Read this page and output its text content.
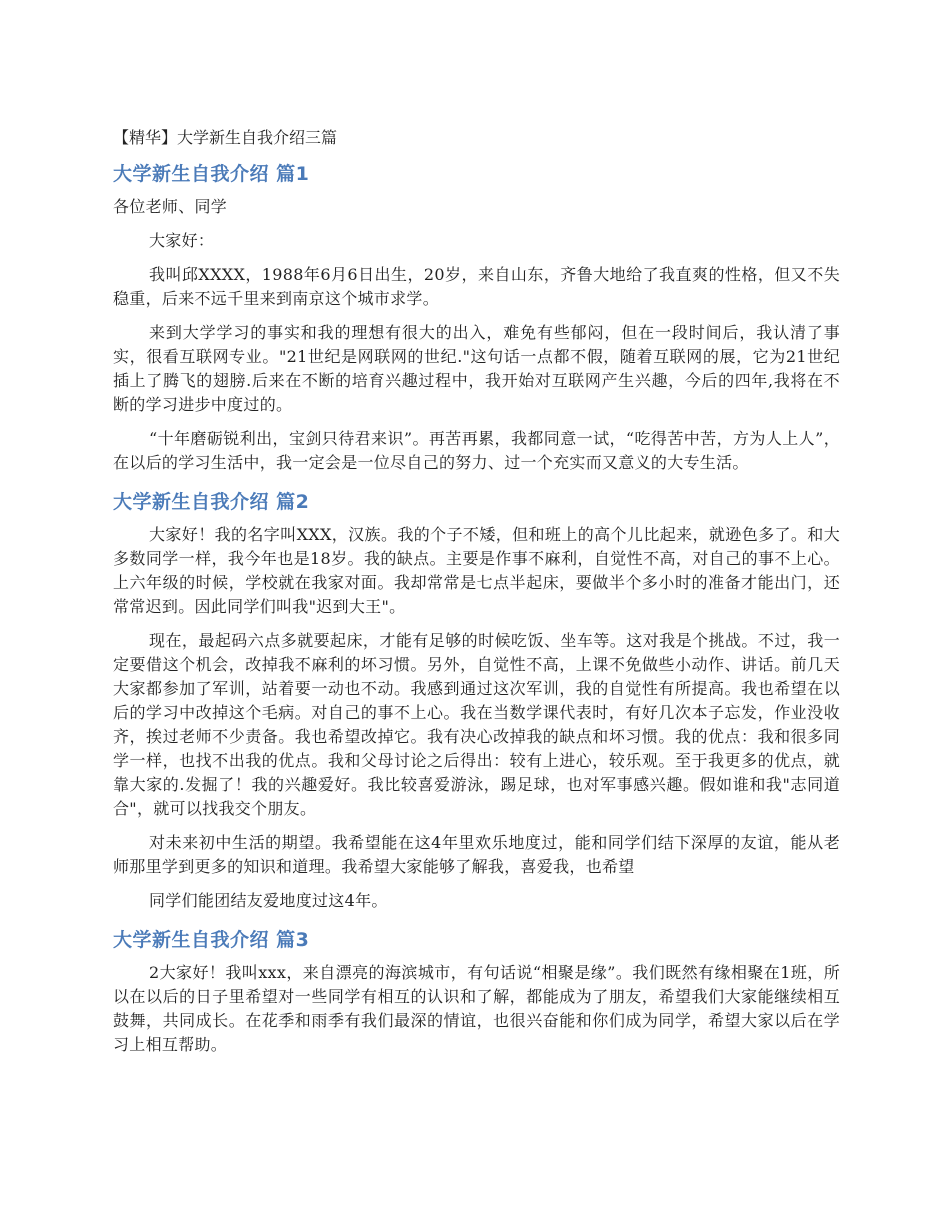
【精华】大学新生自我介绍三篇
大学新生自我介绍 篇1

各位老师、同学

大家好：

我叫邱XXXX，1988年6月6日出生，20岁，来自山东，齐鲁大地给了我直爽的性格，但又不失稳重，后来不远千里来到南京这个城市求学。

来到大学学习的事实和我的理想有很大的出入，难免有些郁闷，但在一段时间后，我认清了事实，很看互联网专业。"21世纪是网联网的世纪."这句话一点都不假，随着互联网的展，它为21世纪插上了腾飞的翅膀.后来在不断的培育兴趣过程中，我开始对互联网产生兴趣，今后的四年,我将在不断的学习进步中度过的。

“十年磨砺锐利出，宝剑只待君来识”。再苦再累，我都同意一试，“吃得苦中苦，方为人上人”，在以后的学习生活中，我一定会是一位尽自己的努力、过一个充实而又意义的大专生活。

大学新生自我介绍 篇2

大家好！我的名字叫XXX，汉族。我的个子不矮，但和班上的高个儿比起来，就逊色多了。和大多数同学一样，我今年也是18岁。我的缺点。主要是作事不麻利，自觉性不高，对自己的事不上心。上六年级的时候，学校就在我家对面。我却常常是七点半起床，要做半个多小时的准备才能出门，还常常迟到。因此同学们叫我"迟到大王"。

现在，最起码六点多就要起床，才能有足够的时候吃饭、坐车等。这对我是个挑战。不过，我一定要借这个机会，改掉我不麻利的坏习惯。另外，自觉性不高，上课不免做些小动作、讲话。前几天大家都参加了军训，站着要一动也不动。我感到通过这次军训，我的自觉性有所提高。我也希望在以后的学习中改掉这个毛病。对自己的事不上心。我在当数学课代表时，有好几次本子忘发，作业没收齐，挨过老师不少责备。我也希望改掉它。我有决心改掉我的缺点和坏习惯。我的优点：我和很多同学一样，也找不出我的优点。我和父母讨论之后得出：较有上进心，较乐观。至于我更多的优点，就靠大家的.发掘了！我的兴趣爱好。我比较喜爱游泳，踢足球，也对军事感兴趣。假如谁和我"志同道合"，就可以找我交个朋友。

对未来初中生活的期望。我希望能在这4年里欢乐地度过，能和同学们结下深厚的友谊，能从老师那里学到更多的知识和道理。我希望大家能够了解我，喜爱我，也希望

同学们能团结友爱地度过这4年。

大学新生自我介绍 篇3

2大家好！我叫xxx，来自漂亮的海滨城市，有句话说“相聚是缘”。我们既然有缘相聚在1班，所以在以后的日子里希望对一些同学有相互的认识和了解，都能成为了朋友，希望我们大家能继续相互鼓舞，共同成长。在花季和雨季有我们最深的情谊，也很兴奋能和你们成为同学，希望大家以后在学习上相互帮助。
